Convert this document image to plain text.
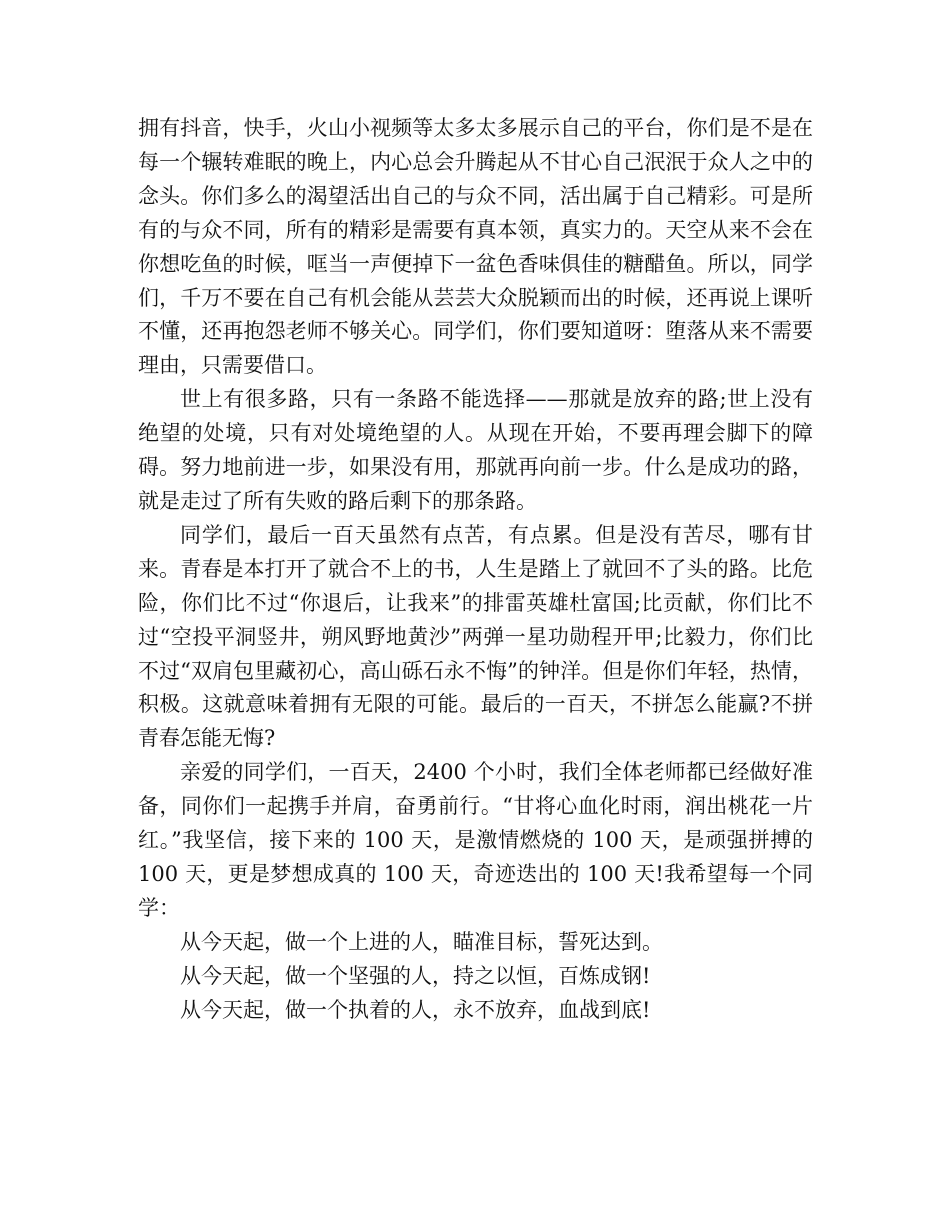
拥有抖音，快手，火山小视频等太多太多展示自己的平台，你们是不是在每一个辗转难眠的晚上，内心总会升腾起从不甘心自己泯泯于众人之中的念头。你们多么的渴望活出自己的与众不同，活出属于自己精彩。可是所有的与众不同，所有的精彩是需要有真本领，真实力的。天空从来不会在你想吃鱼的时候，哐当一声便掉下一盆色香味俱佳的糖醋鱼。所以，同学们，千万不要在自己有机会能从芸芸大众脱颖而出的时候，还再说上课听不懂，还再抱怨老师不够关心。同学们，你们要知道呀：堕落从来不需要理由，只需要借口。

世上有很多路，只有一条路不能选择——那就是放弃的路;世上没有绝望的处境，只有对处境绝望的人。从现在开始，不要再理会脚下的障碍。努力地前进一步，如果没有用，那就再向前一步。什么是成功的路，就是走过了所有失败的路后剩下的那条路。

同学们，最后一百天虽然有点苦，有点累。但是没有苦尽，哪有甘来。青春是本打开了就合不上的书，人生是踏上了就回不了头的路。比危险，你们比不过“你退后，让我来”的排雷英雄杜富国;比贡献，你们比不过“空投平洞竖井，朔风野地黄沙”两弹一星功勋程开甲;比毅力，你们比不过“双肩包里藏初心，高山砾石永不悔”的钟洋。但是你们年轻，热情，积极。这就意味着拥有无限的可能。最后的一百天，不拼怎么能赢?不拼青春怎能无悔?

亲爱的同学们，一百天，2400 个小时，我们全体老师都已经做好准备，同你们一起携手并肩，奋勇前行。“甘将心血化时雨，润出桃花一片红。”我坚信，接下来的 100 天，是激情燃烧的 100 天，是顽强拼搏的 100 天，更是梦想成真的 100 天，奇迹迭出的 100 天!我希望每一个同学：

从今天起，做一个上进的人，瞄准目标，誓死达到。

从今天起，做一个坚强的人，持之以恒，百炼成钢!

从今天起，做一个执着的人，永不放弃，血战到底!
